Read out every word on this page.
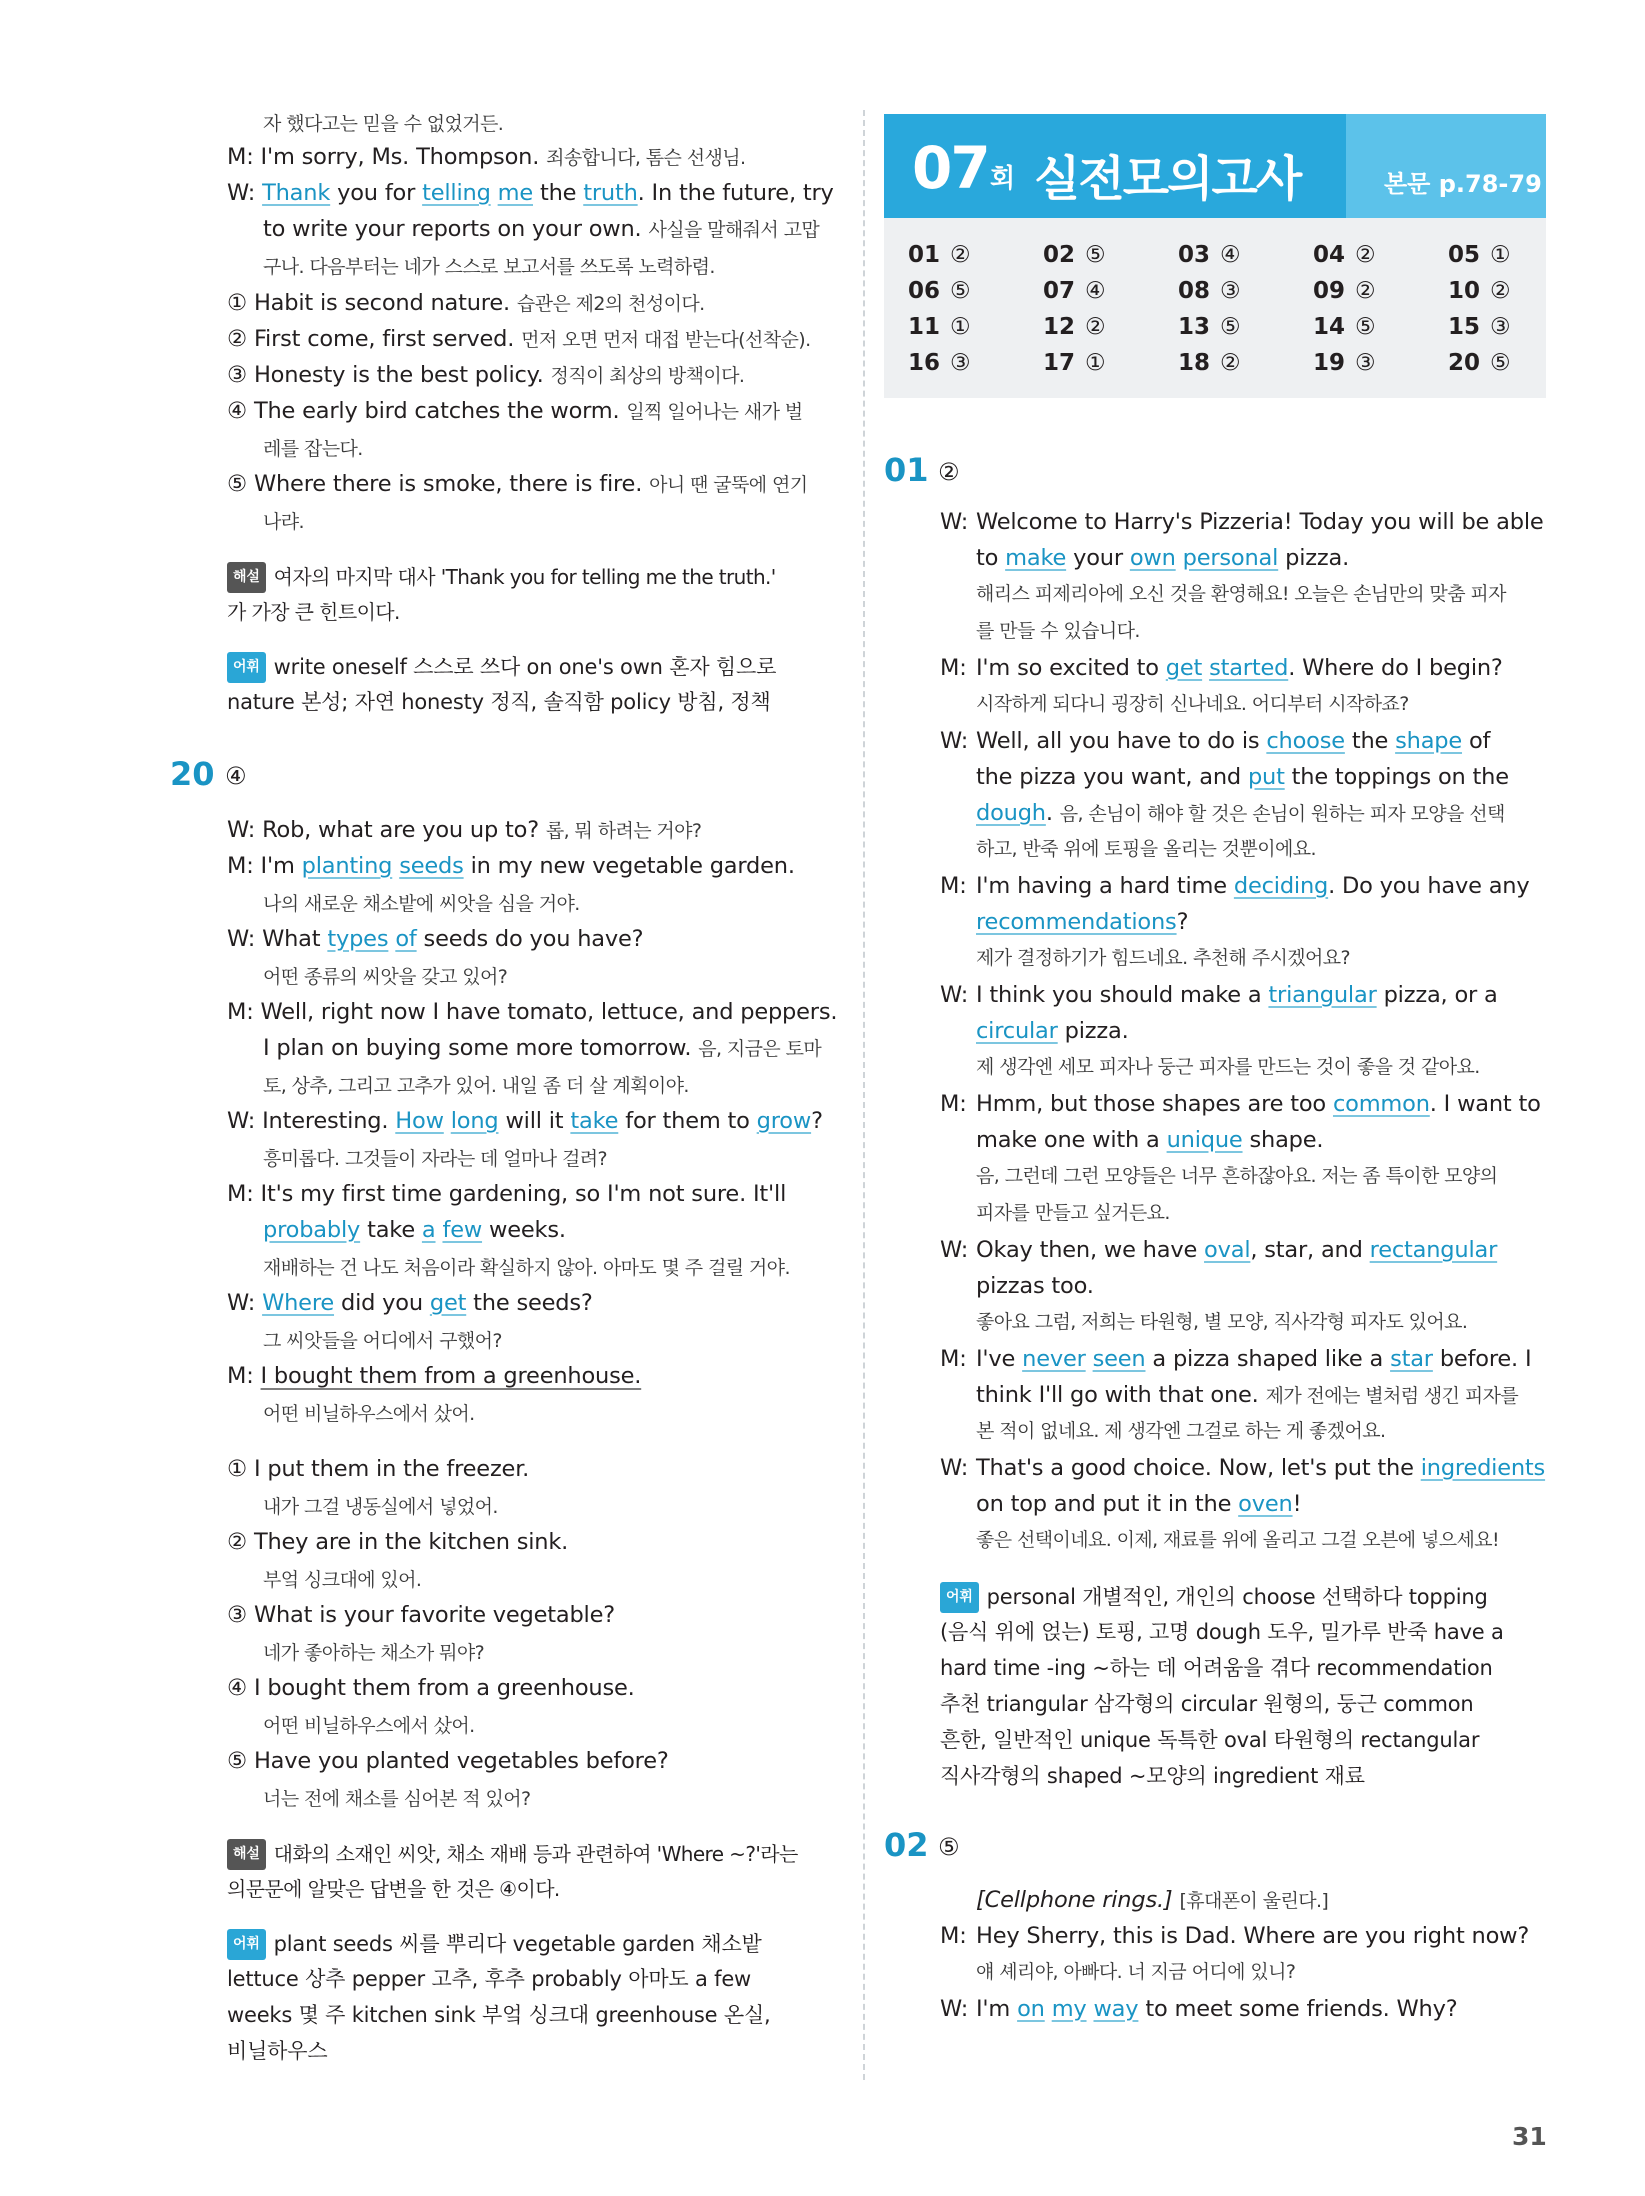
자 했다고는 믿을 수 없었거든.
M: I'm sorry, Ms. Thompson. 죄송합니다, 톰슨 선생님.
W: Thank you for telling me the truth. In the future, try
to write your reports on your own. 사실을 말해줘서 고맙
구나. 다음부터는 네가 스스로 보고서를 쓰도록 노력하렴.
① Habit is second nature. 습관은 제2의 천성이다.
② First come, first served. 먼저 오면 먼저 대접 받는다(선착순).
③ Honesty is the best policy. 정직이 최상의 방책이다.
④ The early bird catches the worm. 일찍 일어나는 새가 벌
레를 잡는다.
⑤ Where there is smoke, there is fire. 아니 땐 굴뚝에 연기
나랴.
해설 여자의 마지막 대사 'Thank you for telling me the truth.'
가 가장 큰 힌트이다.
어휘 write oneself 스스로 쓰다 on one's own 혼자 힘으로
nature 본성; 자연 honesty 정직, 솔직함 policy 방침, 정책
20 ④
W: Rob, what are you up to? 롭, 뭐 하려는 거야?
M: I'm planting seeds in my new vegetable garden.
나의 새로운 채소밭에 씨앗을 심을 거야.
W: What types of seeds do you have?
어떤 종류의 씨앗을 갖고 있어?
M: Well, right now I have tomato, lettuce, and peppers.
I plan on buying some more tomorrow. 음, 지금은 토마
토, 상추, 그리고 고추가 있어. 내일 좀 더 살 계획이야.
W: Interesting. How long will it take for them to grow?
흥미롭다. 그것들이 자라는 데 얼마나 걸려?
M: It's my first time gardening, so I'm not sure. It'll
probably take a few weeks.
재배하는 건 나도 처음이라 확실하지 않아. 아마도 몇 주 걸릴 거야.
W: Where did you get the seeds?
그 씨앗들을 어디에서 구했어?
M: I bought them from a greenhouse.
어떤 비닐하우스에서 샀어.
① I put them in the freezer.
내가 그걸 냉동실에서 넣었어.
② They are in the kitchen sink.
부엌 싱크대에 있어.
③ What is your favorite vegetable?
네가 좋아하는 채소가 뭐야?
④ I bought them from a greenhouse.
어떤 비닐하우스에서 샀어.
⑤ Have you planted vegetables before?
너는 전에 채소를 심어본 적 있어?
해설 대화의 소재인 씨앗, 채소 재배 등과 관련하여 'Where ~?'라는
의문문에 알맞은 답변을 한 것은 ④이다.
어휘 plant seeds 씨를 뿌리다 vegetable garden 채소밭
lettuce 상추 pepper 고추, 후추 probably 아마도 a few
weeks 몇 주 kitchen sink 부엌 싱크대 greenhouse 온실,
비닐하우스
07 회 실전모의고사	본문 p.78-79
01 ②	02 ⑤	03 ④	04 ②	05 ①
06 ⑤	07 ④	08 ③	09 ②	10 ②
11 ①	12 ②	13 ⑤	14 ⑤	15 ③
16 ③	17 ①	18 ②	19 ③	20 ⑤
01 ②
W: Welcome to Harry's Pizzeria! Today you will be able
to make your own personal pizza.
해리스 피제리아에 오신 것을 환영해요! 오늘은 손님만의 맞춤 피자
를 만들 수 있습니다.
M: I'm so excited to get started. Where do I begin?
시작하게 되다니 굉장히 신나네요. 어디부터 시작하죠?
W: Well, all you have to do is choose the shape of
the pizza you want, and put the toppings on the
dough. 음, 손님이 해야 할 것은 손님이 원하는 피자 모양을 선택
하고, 반죽 위에 토핑을 올리는 것뿐이에요.
M: I'm having a hard time deciding. Do you have any
recommendations?
제가 결정하기가 힘드네요. 추천해 주시겠어요?
W: I think you should make a triangular pizza, or a
circular pizza.
제 생각엔 세모 피자나 둥근 피자를 만드는 것이 좋을 것 같아요.
M: Hmm, but those shapes are too common. I want to
make one with a unique shape.
음, 그런데 그런 모양들은 너무 흔하잖아요. 저는 좀 특이한 모양의
피자를 만들고 싶거든요.
W: Okay then, we have oval, star, and rectangular
pizzas too.
좋아요 그럼, 저희는 타원형, 별 모양, 직사각형 피자도 있어요.
M: I've never seen a pizza shaped like a star before. I
think I'll go with that one. 제가 전에는 별처럼 생긴 피자를
본 적이 없네요. 제 생각엔 그걸로 하는 게 좋겠어요.
W: That's a good choice. Now, let's put the ingredients
on top and put it in the oven!
좋은 선택이네요. 이제, 재료를 위에 올리고 그걸 오븐에 넣으세요!
어휘 personal 개별적인, 개인의 choose 선택하다 topping
(음식 위에 얹는) 토핑, 고명 dough 도우, 밀가루 반죽 have a
hard time -ing ~하는 데 어려움을 겪다 recommendation
추천 triangular 삼각형의 circular 원형의, 둥근 common
흔한, 일반적인 unique 독특한 oval 타원형의 rectangular
직사각형의 shaped ~모양의 ingredient 재료
02 ⑤
[Cellphone rings.] [휴대폰이 울린다.]
M: Hey Sherry, this is Dad. Where are you right now?
얘 셰리야, 아빠다. 너 지금 어디에 있니?
W: I'm on my way to meet some friends. Why?
31
